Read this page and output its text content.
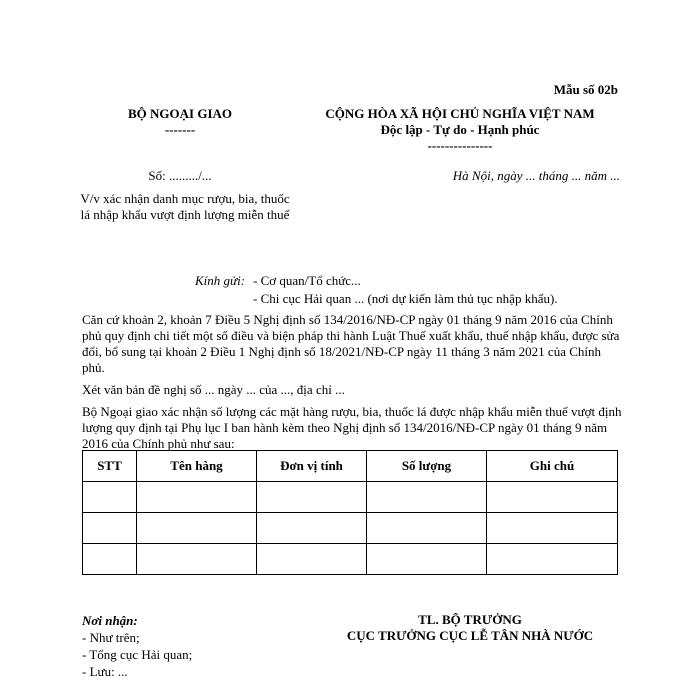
Mẫu số 02b
BỘ NGOẠI GIAO
-------
CỘNG HÒA XÃ HỘI CHỦ NGHĨA VIỆT NAM
Độc lập - Tự do - Hạnh phúc
---------------
Số: ........./...	Hà Nội, ngày ... tháng ... năm ...
V/v xác nhận danh mục rượu, bia, thuốc lá nhập khẩu vượt định lượng miễn thuế
Kính gửi: - Cơ quan/Tổ chức...
- Chi cục Hải quan ... (nơi dự kiến làm thủ tục nhập khẩu).
Căn cứ khoản 2, khoản 7 Điều 5 Nghị định số 134/2016/NĐ-CP ngày 01 tháng 9 năm 2016 của Chính phủ quy định chi tiết một số điều và biện pháp thi hành Luật Thuế xuất khẩu, thuế nhập khẩu, được sửa đổi, bổ sung tại khoản 2 Điều 1 Nghị định số 18/2021/NĐ-CP ngày 11 tháng 3 năm 2021 của Chính phủ.
Xét văn bản đề nghị số ... ngày ... của ..., địa chỉ ...
Bộ Ngoại giao xác nhận số lượng các mặt hàng rượu, bia, thuốc lá được nhập khẩu miễn thuế vượt định lượng quy định tại Phụ lục I ban hành kèm theo Nghị định số 134/2016/NĐ-CP ngày 01 tháng 9 năm 2016 của Chính phủ như sau:
STT	Tên hàng	Đơn vị tính	Số lượng	Ghi chú

Nơi nhận:
- Như trên;
- Tổng cục Hải quan;
- Lưu: ...
TL. BỘ TRƯỞNG
CỤC TRƯỞNG CỤC LỄ TÂN NHÀ NƯỚC
